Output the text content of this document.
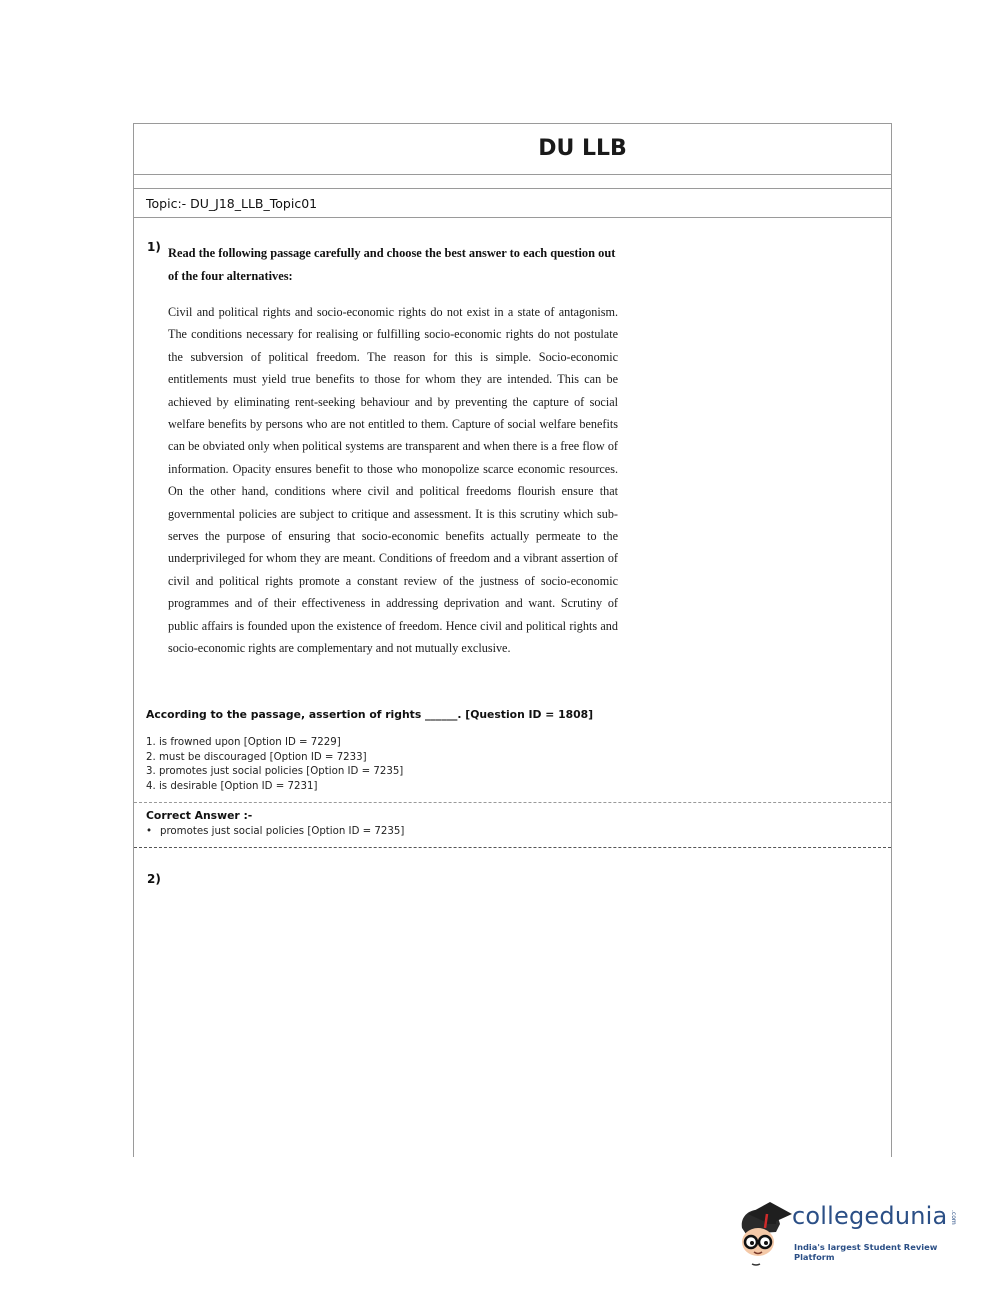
DU LLB
Topic:- DU_J18_LLB_Topic01
1) Read the following passage carefully and choose the best answer to each question out of the four alternatives:
Civil and political rights and socio-economic rights do not exist in a state of antagonism. The conditions necessary for realising or fulfilling socio-economic rights do not postulate the subversion of political freedom. The reason for this is simple. Socio-economic entitlements must yield true benefits to those for whom they are intended. This can be achieved by eliminating rent-seeking behaviour and by preventing the capture of social welfare benefits by persons who are not entitled to them. Capture of social welfare benefits can be obviated only when political systems are transparent and when there is a free flow of information. Opacity ensures benefit to those who monopolize scarce economic resources. On the other hand, conditions where civil and political freedoms flourish ensure that governmental policies are subject to critique and assessment. It is this scrutiny which sub-serves the purpose of ensuring that socio-economic benefits actually permeate to the underprivileged for whom they are meant. Conditions of freedom and a vibrant assertion of civil and political rights promote a constant review of the justness of socio-economic programmes and of their effectiveness in addressing deprivation and want. Scrutiny of public affairs is founded upon the existence of freedom. Hence civil and political rights and socio-economic rights are complementary and not mutually exclusive.
According to the passage, assertion of rights ______. [Question ID = 1808]
1. is frowned upon [Option ID = 7229]
2. must be discouraged [Option ID = 7233]
3. promotes just social policies [Option ID = 7235]
4. is desirable [Option ID = 7231]
Correct Answer :-
• promotes just social policies [Option ID = 7235]
2)
collegedunia .com
India's largest Student Review Platform
